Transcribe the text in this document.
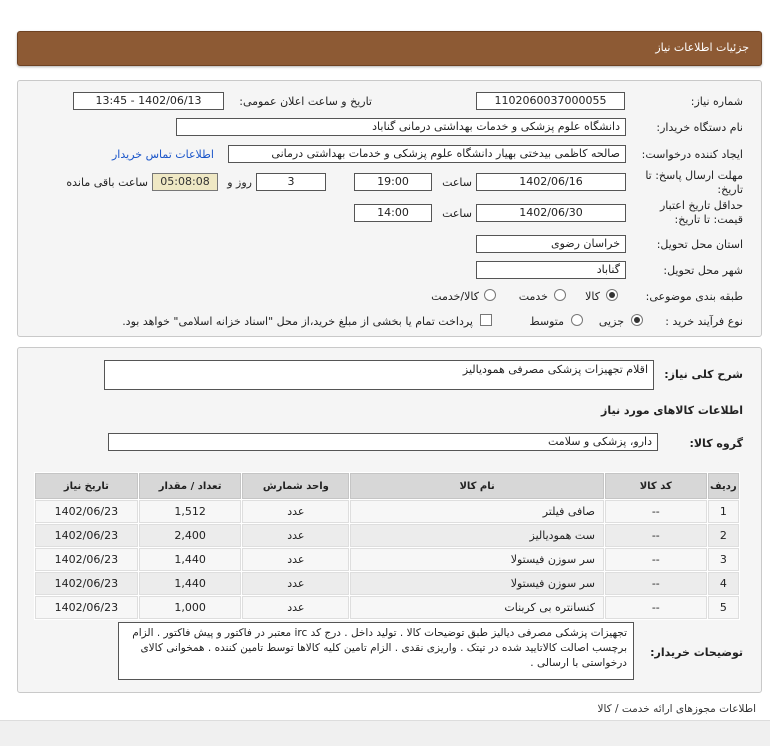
جزئیات اطلاعات نیاز
شماره نیاز:
1102060037000055
تاریخ و ساعت اعلان عمومی:
1402/06/13 - 13:45
نام دستگاه خریدار:
دانشگاه علوم پزشکی و خدمات بهداشتی درمانی گناباد
ایجاد کننده درخواست:
صالحه کاظمی بیدختی بهیار دانشگاه علوم پزشکی و خدمات بهداشتی درمانی
اطلاعات تماس خریدار
مهلت ارسال پاسخ: تا تاریخ:
1402/06/16
ساعت
19:00
3
روز و
05:08:08
ساعت باقی مانده
حداقل تاریخ اعتبار قیمت: تا تاریخ:
1402/06/30
ساعت
14:00
استان محل تحویل:
خراسان رضوی
شهر محل تحویل:
گناباد
طبقه بندی موضوعی:
کالا
خدمت
کالا/خدمت
نوع فرآیند خرید :
جزیی
متوسط
پرداخت تمام یا بخشی از مبلغ خرید،از محل "اسناد خزانه اسلامی" خواهد بود.
شرح کلی نیاز:
اقلام تجهیزات پزشکی مصرفی همودیالیز
اطلاعات کالاهای مورد نیاز
گروه کالا:
دارو، پزشکی و سلامت
ردیف	کد کالا	نام کالا	واحد شمارش	تعداد / مقدار	تاریخ نیاز
1	--	صافی فیلتر	عدد	1,512	1402/06/23
2	--	ست همودیالیز	عدد	2,400	1402/06/23
3	--	سر سوزن فیستولا	عدد	1,440	1402/06/23
4	--	سر سوزن فیستولا	عدد	1,440	1402/06/23
5	--	کنسانتره بی کربنات	عدد	1,000	1402/06/23
توضیحات خریدار:
تجهیزات پزشکی مصرفی دیالیز طبق توضیحات کالا . تولید داخل . درج کد irc معتبر در فاکتور و پیش فاکتور . الزام برچسب اصالت کالاتایید شده در تیتک . واریزی نقدی . الزام تامین کلیه کالاها توسط تامین کننده . همخوانی کالای درخواستی با ارسالی .
اطلاعات مجوزهای ارائه خدمت / کالا
